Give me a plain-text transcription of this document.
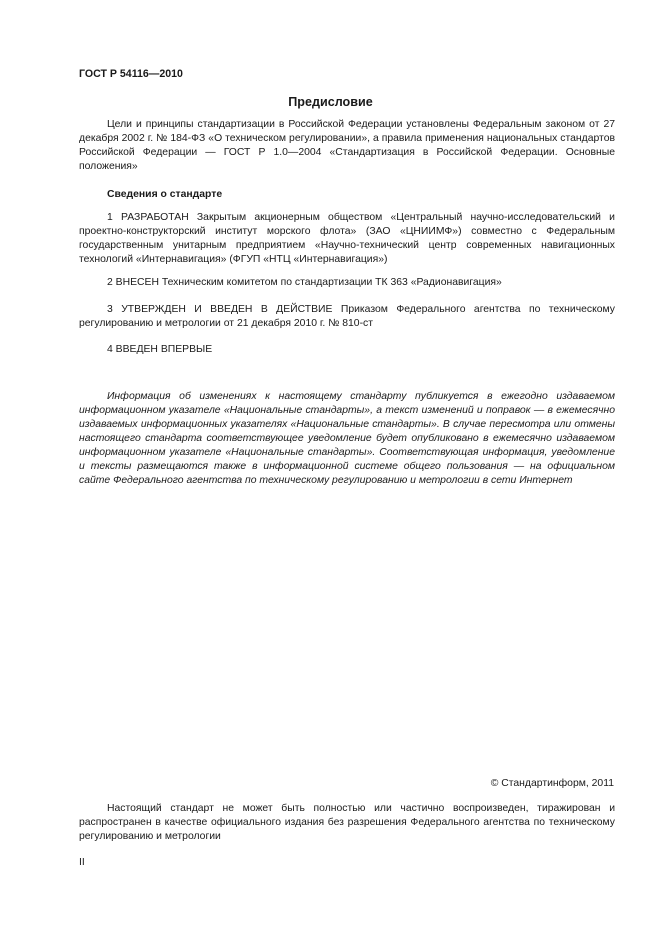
ГОСТ Р 54116—2010
Предисловие

Цели и принципы стандартизации в Российской Федерации установлены Федеральным законом от 27 декабря 2002 г. № 184-ФЗ «О техническом регулировании», а правила применения национальных стандартов Российской Федерации — ГОСТ Р 1.0—2004 «Стандартизация в Российской Федерации. Основные положения»

Сведения о стандарте

1 РАЗРАБОТАН Закрытым акционерным обществом «Центральный научно-исследовательский и проектно-конструкторский институт морского флота» (ЗАО «ЦНИИМФ») совместно с Федеральным государственным унитарным предприятием «Научно-технический центр современных навигационных технологий «Интернавигация» (ФГУП «НТЦ «Интернавигация»)

2 ВНЕСЕН Техническим комитетом по стандартизации ТК 363 «Радионавигация»

3 УТВЕРЖДЕН И ВВЕДЕН В ДЕЙСТВИЕ Приказом Федерального агентства по техническому регулированию и метрологии от 21 декабря 2010 г. № 810-ст

4 ВВЕДЕН ВПЕРВЫЕ

Информация об изменениях к настоящему стандарту публикуется в ежегодно издаваемом информационном указателе «Национальные стандарты», а текст изменений и поправок — в ежемесячно издаваемых информационных указателях «Национальные стандарты». В случае пересмотра или отмены настоящего стандарта соответствующее уведомление будет опубликовано в ежемесячно издаваемом информационном указателе «Национальные стандарты». Соответствующая информация, уведомление и тексты размещаются также в информационной системе общего пользования — на официальном сайте Федерального агентства по техническому регулированию и метрологии в сети Интернет

© Стандартинформ, 2011

Настоящий стандарт не может быть полностью или частично воспроизведен, тиражирован и распространен в качестве официального издания без разрешения Федерального агентства по техническому регулированию и метрологии

II
